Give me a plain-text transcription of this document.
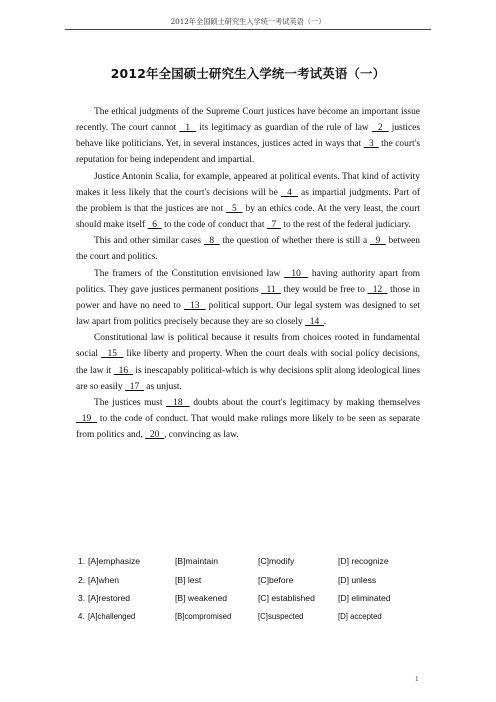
2012年全国硕士研究生入学统一考试英语（一）
2012年全国硕士研究生入学统一考试英语（一）

The ethical judgments of the Supreme Court justices have become an important issue recently. The court cannot   1   its legitimacy as guardian of the rule of law   2   justices behave like politicians. Yet, in several instances, justices acted in ways that   3   the court's reputation for being independent and impartial.

Justice Antonin Scalia, for example, appeared at political events. That kind of activity makes it less likely that the court's decisions will be   4   as impartial judgments. Part of the problem is that the justices are not   5   by an ethics code. At the very least, the court should make itself   6   to the code of conduct that   7   to the rest of the federal judiciary.

This and other similar cases   8   the question of whether there is still a   9   between the court and politics.

The framers of the Constitution envisioned law   10   having authority apart from politics. They gave justices permanent positions   11   they would be free to   12   those in power and have no need to   13   political support. Our legal system was designed to set law apart from politics precisely because they are so closely   14  .

Constitutional law is political because it results from choices rooted in fundamental social   15   like liberty and property. When the court deals with social policy decisions, the law it   16   is inescapably political-which is why decisions split along ideological lines are so easily   17   as unjust.

The justices must   18   doubts about the court's legitimacy by making themselves   19   to the code of conduct. That would make rulings more likely to be seen as separate from politics and,   20  , convincing as law.

1. [A]emphasize	[B]maintain	[C]modify	[D] recognize
2. [A]when	[B] lest	[C]before	[D] unless
3. [A]restored	[B] weakened	[C] established	[D] eliminated
4. [A]challenged	[B]compromised	[C]suspected	[D] accepted
1
